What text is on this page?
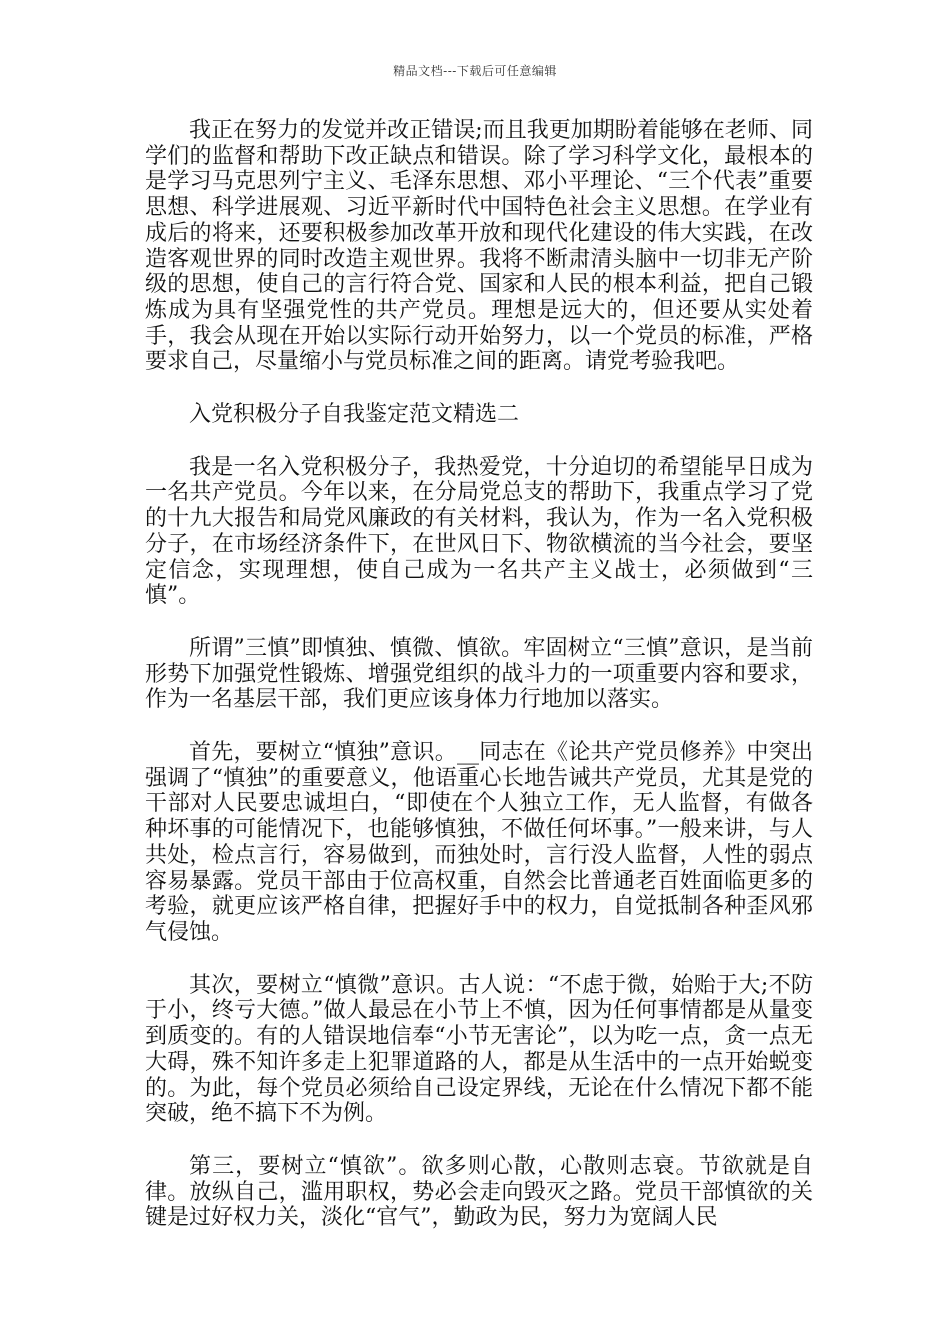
精品文档---下载后可任意编辑

我正在努力的发觉并改正错误;而且我更加期盼着能够在老师、同学们的监督和帮助下改正缺点和错误。除了学习科学文化，最根本的是学习马克思列宁主义、毛泽东思想、邓小平理论、“三个代表”重要思想、科学进展观、习近平新时代中国特色社会主义思想。在学业有成后的将来，还要积极参加改革开放和现代化建设的伟大实践，在改造客观世界的同时改造主观世界。我将不断肃清头脑中一切非无产阶级的思想，使自己的言行符合党、国家和人民的根本利益，把自己锻炼成为具有坚强党性的共产党员。理想是远大的，但还要从实处着手，我会从现在开始以实际行动开始努力，以一个党员的标准，严格要求自己，尽量缩小与党员标准之间的距离。请党考验我吧。

入党积极分子自我鉴定范文精选二

我是一名入党积极分子，我热爱党，十分迫切的希望能早日成为一名共产党员。今年以来，在分局党总支的帮助下，我重点学习了党的十九大报告和局党风廉政的有关材料，我认为，作为一名入党积极分子，在市场经济条件下，在世风日下、物欲横流的当今社会，要坚定信念，实现理想，使自己成为一名共产主义战士，必须做到“三慎”。

所谓”三慎”即慎独、慎微、慎欲。牢固树立“三慎”意识，是当前形势下加强党性锻炼、增强党组织的战斗力的一项重要内容和要求，作为一名基层干部，我们更应该身体力行地加以落实。

首先，要树立“慎独”意识。__同志在《论共产党员修养》中突出强调了“慎独”的重要意义，他语重心长地告诫共产党员，尤其是党的干部对人民要忠诚坦白，“即使在个人独立工作，无人监督，有做各种坏事的可能情况下，也能够慎独，不做任何坏事。”一般来讲，与人共处，检点言行，容易做到，而独处时，言行没人监督，人性的弱点容易暴露。党员干部由于位高权重，自然会比普通老百姓面临更多的考验，就更应该严格自律，把握好手中的权力，自觉抵制各种歪风邪气侵蚀。

其次，要树立“慎微”意识。古人说：“不虑于微，始贻于大;不防于小，终亏大德。”做人最忌在小节上不慎，因为任何事情都是从量变到质变的。有的人错误地信奉“小节无害论”，以为吃一点，贪一点无大碍，殊不知许多走上犯罪道路的人，都是从生活中的一点开始蜕变的。为此，每个党员必须给自己设定界线，无论在什么情况下都不能突破，绝不搞下不为例。

第三，要树立“慎欲”。欲多则心散，心散则志衰。节欲就是自律。放纵自己，滥用职权，势必会走向毁灭之路。党员干部慎欲的关键是过好权力关，淡化“官气”，勤政为民，努力为宽阔人民
